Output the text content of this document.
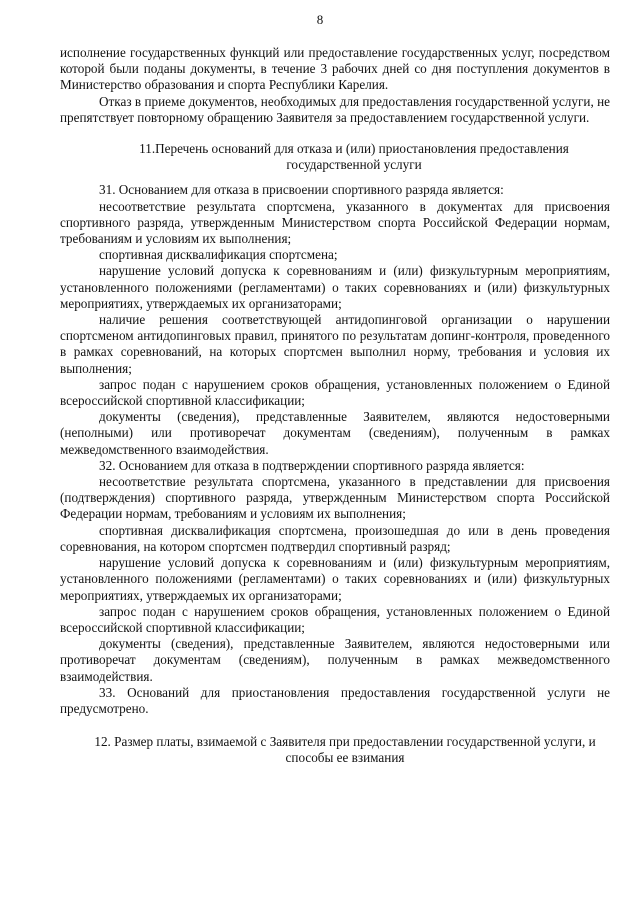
8

исполнение государственных функций или предоставление государственных услуг, посредством которой были поданы документы, в течение 3 рабочих дней со дня поступления документов в Министерство образования и спорта Республики Карелия.

Отказ в приеме документов, необходимых для предоставления государственной услуги, не препятствует повторному обращению Заявителя за предоставлением государственной услуги.

11.Перечень оснований для отказа и (или) приостановления предоставления государственной услуги

31. Основанием для отказа в присвоении спортивного разряда является:

несоответствие результата спортсмена, указанного в документах для присвоения спортивного разряда, утвержденным Министерством спорта Российской Федерации нормам, требованиям и условиям их выполнения;

спортивная дисквалификация спортсмена;

нарушение условий допуска к соревнованиям и (или) физкультурным мероприятиям, установленного положениями (регламентами) о таких соревнованиях и (или) физкультурных мероприятиях, утверждаемых их организаторами;

наличие решения соответствующей антидопинговой организации о нарушении спортсменом антидопинговых правил, принятого по результатам допинг-контроля, проведенного в рамках соревнований, на которых спортсмен выполнил норму, требования и условия их выполнения;

запрос подан с нарушением сроков обращения, установленных положением о Единой всероссийской спортивной классификации;

документы (сведения), представленные Заявителем, являются недостоверными (неполными) или противоречат документам (сведениям), полученным в рамках межведомственного взаимодействия.

32. Основанием для отказа в подтверждении спортивного разряда является:

несоответствие результата спортсмена, указанного в представлении для присвоения (подтверждения) спортивного разряда, утвержденным Министерством спорта Российской Федерации нормам, требованиям и условиям их выполнения;

спортивная дисквалификация спортсмена, произошедшая до или в день проведения соревнования, на котором спортсмен подтвердил спортивный разряд;

нарушение условий допуска к соревнованиям и (или) физкультурным мероприятиям, установленного положениями (регламентами) о таких соревнованиях и (или) физкультурных мероприятиях, утверждаемых их организаторами;

запрос подан с нарушением сроков обращения, установленных положением о Единой всероссийской спортивной классификации;

документы (сведения), представленные Заявителем, являются недостоверными или противоречат документам (сведениям), полученным в рамках межведомственного взаимодействия.

33. Оснований для приостановления предоставления государственной услуги не предусмотрено.

12. Размер платы, взимаемой с Заявителя при предоставлении государственной услуги, и способы ее взимания
